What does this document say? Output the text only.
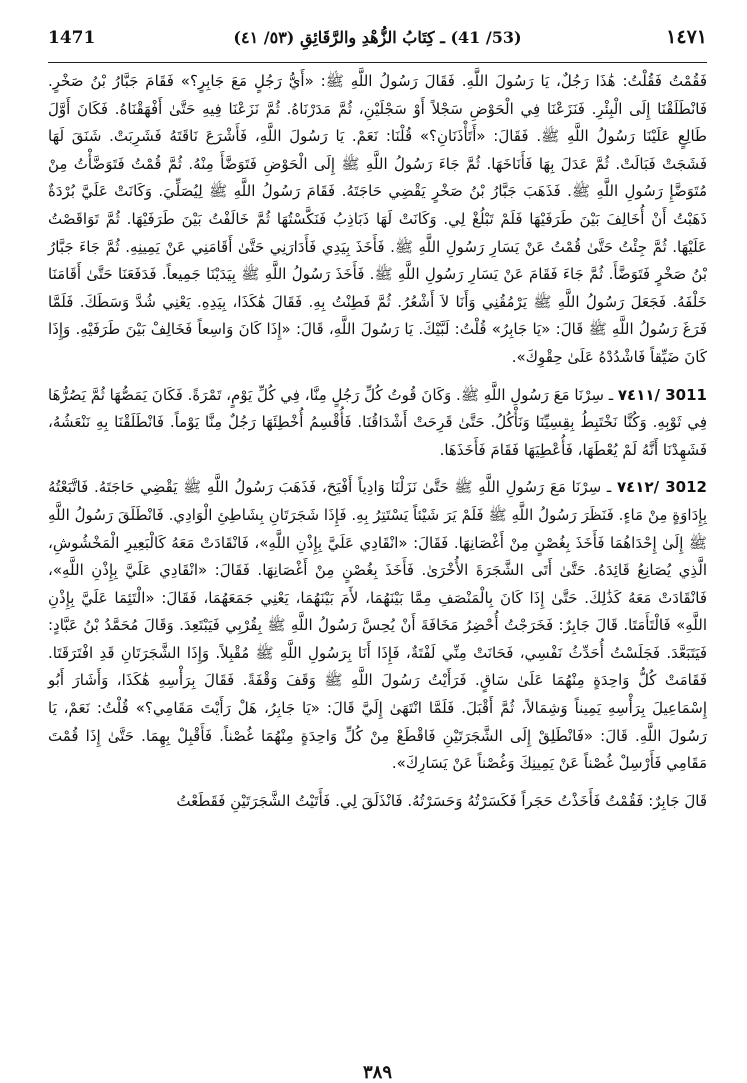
1471	(53/ 41) ـ كِتَابُ الزُّهْدِ والرَّقَائِقِ (٥٣/ ٤١)	١٤٧١

فَقُمْتُ فَقُلْتُ: هَٰذَا رَجُلٌ، يَا رَسُولَ اللَّهِ. فَقَالَ رَسُولُ اللَّهِ ﷺ: «أَيُّ رَجُلٍ مَعَ جَابِرٍ؟» فَقَامَ جَبَّارُ بْنُ صَخْرٍ. فَانْطَلَقْنَا إِلَى الْبِئْرِ. فَنَزَعْنَا فِي الْحَوْضِ سَجْلاً أَوْ سَجْلَيْنِ، ثُمَّ مَدَرْنَاهُ. ثُمَّ نَزَعْنَا فِيهِ حَتَّىٰ أَفْهَقْنَاهُ. فَكَانَ أَوَّلَ طَالِعٍ عَلَيْنَا رَسُولُ اللَّهِ ﷺ. فَقَالَ: «أَتَأْذَنَانِ؟» قُلْنَا: نَعَمْ. يَا رَسُولَ اللَّهِ، فَأَشْرَعَ نَاقَتَهُ فَشَرِبَتْ. شَنَقَ لَهَا فَشَجَتْ فَبَالَتْ. ثُمَّ عَدَلَ بِهَا فَأَنَاخَهَا. ثُمَّ جَاءَ رَسُولُ اللَّهِ ﷺ إِلَى الْحَوْضِ فَتَوَضَّأَ مِنْهُ. ثُمَّ قُمْتُ فَتَوَضَّأْتُ مِنْ مُتَوَضَّإِ رَسُولِ اللَّهِ ﷺ. فَذَهَبَ جَبَّارُ بْنُ صَخْرٍ يَقْضِي حَاجَتَهُ. فَقَامَ رَسُولُ اللَّهِ ﷺ لِيُصَلِّيَ. وَكَانَتْ عَلَيَّ بُرْدَةٌ ذَهَبْتُ أَنْ أُخَالِفَ بَيْنَ طَرَفَيْهَا فَلَمْ تَبْلُغْ لِي. وَكَانَتْ لَهَا ذَبَاذِبُ فَنَكَّسْتُهَا ثُمَّ خَالَفْتُ بَيْنَ طَرَفَيْهَا. ثُمَّ تَوَاقَصْتُ عَلَيْهَا. ثُمَّ جِئْتُ حَتَّىٰ قُمْتُ عَنْ يَسَارِ رَسُولِ اللَّهِ ﷺ. فَأَخَذَ بِيَدِي فَأَدَارَنِي حَتَّىٰ أَقَامَنِي عَنْ يَمِينِهِ. ثُمَّ جَاءَ جَبَّارُ بْنُ صَخْرٍ فَتَوَضَّأَ. ثُمَّ جَاءَ فَقَامَ عَنْ يَسَارِ رَسُولِ اللَّهِ ﷺ. فَأَخَذَ رَسُولُ اللَّهِ ﷺ بِيَدَيْنَا جَمِيعاً. فَدَفَعَنَا حَتَّىٰ أَقَامَنَا خَلْفَهُ. فَجَعَلَ رَسُولُ اللَّهِ ﷺ يَرْمُقُنِي وَأَنَا لاَ أَشْعُرُ. ثُمَّ فَطِنْتُ بِهِ. فَقَالَ هَٰكَذَا، بِيَدِهِ. يَعْنِي شُدَّ وَسَطَكَ. فَلَمَّا فَرَغَ رَسُولُ اللَّهِ ﷺ قَالَ: «يَا جَابِرُ» قُلْتُ: لَبَّيْكَ. يَا رَسُولَ اللَّهِ، قَالَ: «إِذَا كَانَ وَاسِعاً فَخَالِفْ بَيْنَ طَرَفَيْهِ. وَإِذَا كَانَ ضَيِّقاً فَاشْدُدْهُ عَلَىٰ حِقْوِكَ».

٧٤١١/ 3011 ـ سِرْنَا مَعَ رَسُولِ اللَّهِ ﷺ. وَكَانَ قُوتُ كُلِّ رَجُلٍ مِنَّا، فِي كُلِّ يَوْمٍ، تَمْرَةً. فَكَانَ يَمَصُّهَا ثُمَّ يَصُرُّهَا فِي ثَوْبِهِ. وَكُنَّا نَخْتَبِطُ بِقِسِيِّنَا وَنَأْكُلُ. حَتَّىٰ قَرِحَتْ أَشْدَاقُنَا. فَأُقْسِمُ أُخْطِئَهَا رَجُلٌ مِنَّا يَوْماً. فَانْطَلَقْنَا بِهِ نَنْعَشُهُ، فَشَهِدْنَا أَنَّهُ لَمْ يُعْطَهَا، فَأُعْطِيَهَا فَقَامَ فَأَخَذَهَا.

٧٤١٢/ 3012 ـ سِرْنَا مَعَ رَسُولِ اللَّهِ ﷺ حَتَّىٰ نَزَلْنَا وَادِياً أَفْيَحَ، فَذَهَبَ رَسُولُ اللَّهِ ﷺ يَقْضِي حَاجَتَهُ. فَاتَّبَعْتُهُ بِإِدَاوَةٍ مِنْ مَاءٍ. فَنَظَرَ رَسُولُ اللَّهِ ﷺ فَلَمْ يَرَ شَيْئاً يَسْتَتِرُ بِهِ. فَإِذَا شَجَرَتَانِ بِشَاطِئِ الْوَادِي. فَانْطَلَقَ رَسُولُ اللَّهِ ﷺ إِلَىٰ إِحْدَاهُمَا فَأَخَذَ بِغُصْنٍ مِنْ أَغْصَانِهَا. فَقَالَ: «انْقَادِي عَلَيَّ بِإِذْنِ اللَّهِ»، فَانْقَادَتْ مَعَهُ كَالْبَعِيرِ الْمَخْشُوشِ، الَّذِي يُصَانِعُ قَائِدَهُ. حَتَّىٰ أَتَى الشَّجَرَةَ الأُخْرَىٰ. فَأَخَذَ بِغُصْنٍ مِنْ أَغْصَانِهَا. فَقَالَ: «انْقَادِي عَلَيَّ بِإِذْنِ اللَّهِ»، فَانْقَادَتْ مَعَهُ كَذَٰلِكَ. حَتَّىٰ إِذَا كَانَ بِالْمَنْصَفِ مِمَّا بَيْنَهُمَا، لأَمَ بَيْنَهُمَا، يَعْنِي جَمَعَهُمَا، فَقَالَ: «الْتَئِمَا عَلَيَّ بِإِذْنِ اللَّهِ» فَالْتَأَمَتَا. قَالَ جَابِرٌ: فَخَرَجْتُ أُحْضِرُ مَخَافَةَ أَنْ يُحِسَّ رَسُولُ اللَّهِ ﷺ بِقُرْبِي فَيَبْتَعِدَ. وَقَالَ مُحَمَّدُ بْنُ عَبَّادٍ: فَيَتَبَعَّدَ. فَجَلَسْتُ أُحَدِّثُ نَفْسِي، فَحَانَتْ مِنِّي لَفْتَةٌ، فَإِذَا أَنَا بِرَسُولِ اللَّهِ ﷺ مُقْبِلاً. وَإِذَا الشَّجَرَتَانِ قَدِ افْتَرَقَتَا. فَقَامَتْ كُلُّ وَاحِدَةٍ مِنْهُمَا عَلَىٰ سَاقٍ. فَرَأَيْتُ رَسُولَ اللَّهِ ﷺ وَقَفَ وَقْفَةً. فَقَالَ بِرَأْسِهِ هَٰكَذَا، وَأَشَارَ أَبُو إِسْمَاعِيلَ بِرَأْسِهِ يَمِيناً وَشِمَالاً، ثُمَّ أَقْبَلَ. فَلَمَّا انْتَهَىٰ إِلَيَّ قَالَ: «يَا جَابِرُ، هَلْ رَأَيْتَ مَقَامِي؟» قُلْتُ: نَعَمْ، يَا رَسُولَ اللَّهِ. قَالَ: «فَانْطَلِقْ إِلَى الشَّجَرَتَيْنِ فَاقْطَعْ مِنْ كُلِّ وَاحِدَةٍ مِنْهُمَا غُصْناً. فَأَقْبِلْ بِهِمَا. حَتَّىٰ إِذَا قُمْتَ مَقَامِي فَأَرْسِلْ غُصْناً عَنْ يَمِينِكَ وَغُصْناً عَنْ يَسَارِكَ».

قَالَ جَابِرٌ: فَقُمْتُ فَأَخَذْتُ حَجَراً فَكَسَرْتُهُ وَحَسَرْتُهُ. فَانْذَلَقَ لِي. فَأَتَيْتُ الشَّجَرَتَيْنِ فَقَطَعْتُ

٣٨٩
